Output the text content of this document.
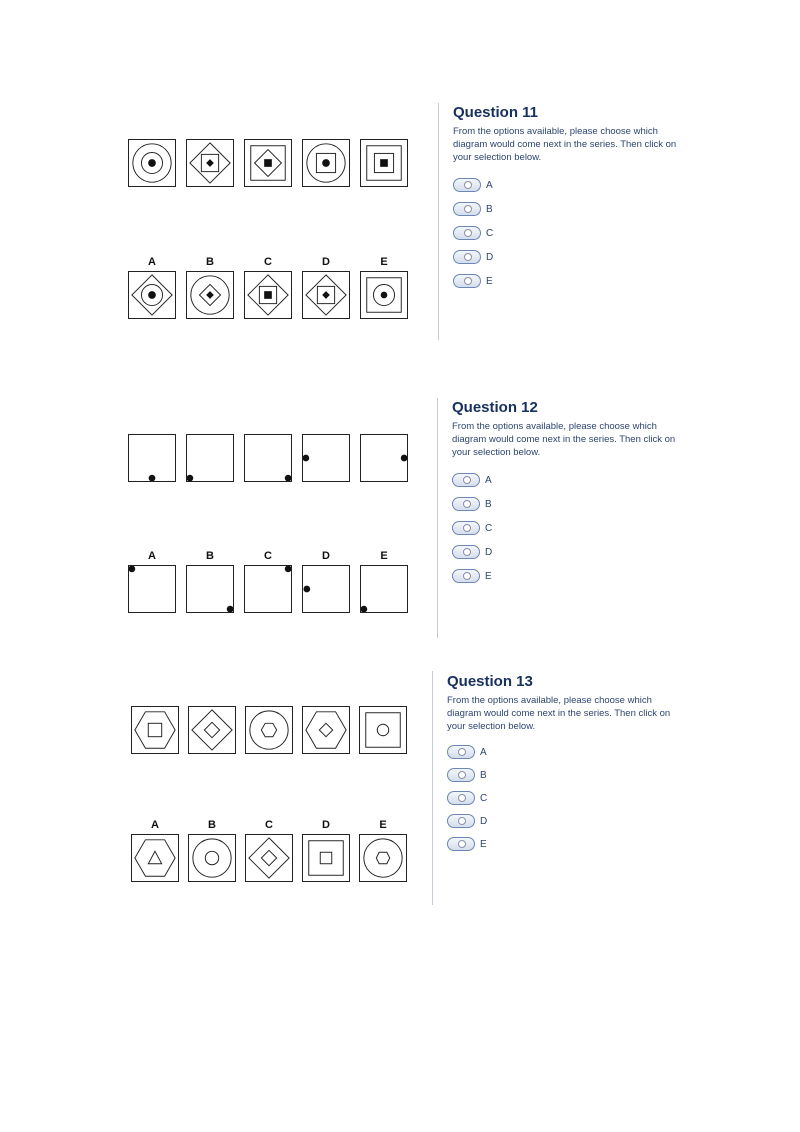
A	B	C	D	E
Question 11

From the options available, please choose which diagram would come next in the series. Then click on your selection below.

A
B
C
D
E
A	B	C	D	E
Question 12

From the options available, please choose which diagram would come next in the series. Then click on your selection below.

A
B
C
D
E
A	B	C	D	E
Question 13

From the options available, please choose which diagram would come next in the series. Then click on your selection below.

A
B
C
D
E
